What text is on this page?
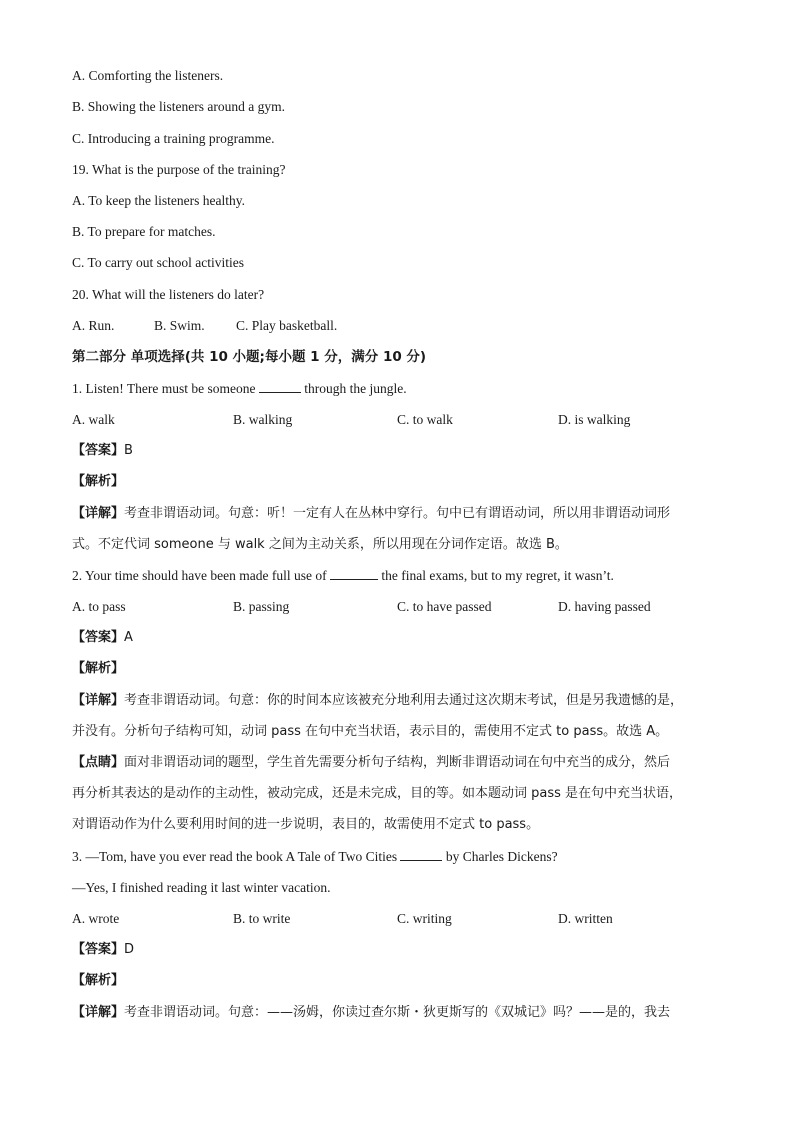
A. Comforting the listeners.
B. Showing the listeners around a gym.
C. Introducing a training programme.
19. What is the purpose of the training?
A. To keep the listeners healthy.
B. To prepare for matches.
C. To carry out school activities
20. What will the listeners do later?
A. Run.	B. Swim. C. Play basketball.
第二部分 单项选择(共 10 小题;每小题 1 分，满分 10 分)
1. Listen! There must be someone	through the jungle.
A. walk	B. walking	C. to walk	D. is walking
【答案】B
【解析】
【详解】考查非谓语动词。句意：听！一定有人在丛林中穿行。句中已有谓语动词，所以用非谓语动词形
式。不定代词 someone 与 walk 之间为主动关系，所以用现在分词作定语。故选 B。
2. Your time should have been made full use of	the final exams, but to my regret, it wasn’t.
A. to pass	B. passing	C. to have passed	D. having passed
【答案】A
【解析】
【详解】考查非谓语动词。句意：你的时间本应该被充分地利用去通过这次期末考试，但是另我遗憾的是，
并没有。分析句子结构可知，动词 pass 在句中充当状语，表示目的，需使用不定式 to pass。故选 A。
【点睛】面对非谓语动词的题型，学生首先需要分析句子结构，判断非谓语动词在句中充当的成分，然后
再分析其表达的是动作的主动性，被动完成，还是未完成，目的等。如本题动词 pass 是在句中充当状语，
对谓语动作为什么要利用时间的进一步说明，表目的，故需使用不定式 to pass。
3. —Tom, have you ever read the book A Tale of Two Cities	by Charles Dickens?
—Yes, I finished reading it last winter vacation.
A. wrote	B. to write	C. writing	D. written
【答案】D
【解析】
【详解】考查非谓语动词。句意：——汤姆，你读过查尔斯・狄更斯写的《双城记》吗？——是的，我去
